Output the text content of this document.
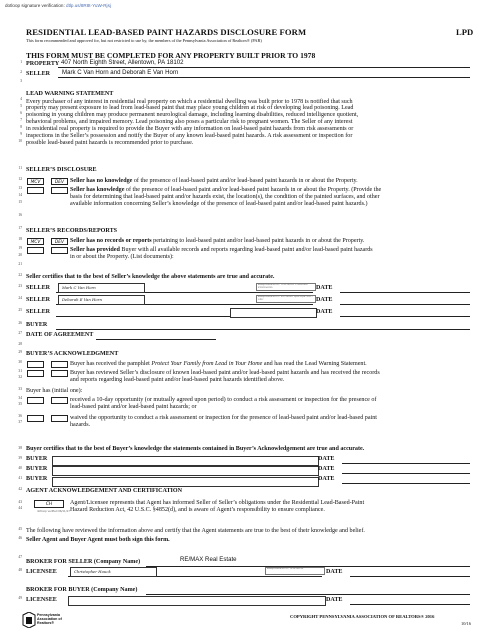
dotloop signature verification: dtlp.us/8R8t-YuW-Rjsj
RESIDENTIAL LEAD-BASED PAINT HAZARDS DISCLOSURE FORM	LPD
This form recommended and approved for, but not restricted to use by, the members of the Pennsylvania Association of Realtors® (PAR)
THIS FORM MUST BE COMPLETED FOR ANY PROPERTY BUILT PRIOR TO 1978
PROPERTY 407 North Eighth Street, Allentown, PA 18102
SELLER Mark C Van Horn and Deborah E Van Horn
1
2
3
4
5
6
7
8
9
10
11
12
13
14
15
16
17
18
19
20
21
22
23
24
25
26
27
28
29
30
31
32
33
34
35
36
37
38
39
40
41
42
43
44
45
46
47
48
49
LEAD WARNING STATEMENT
Every purchaser of any interest in residential real property on which a residential dwelling was built prior to 1978 is notified that such
property may present exposure to lead from lead-based paint that may place young children at risk of developing lead poisoning. Lead
poisoning in young children may produce permanent neurological damage, including learning disabilities, reduced intelligence quotient,
behavioral problems, and impaired memory. Lead poisoning also poses a particular risk to pregnant women. The Seller of any interest
in residential real property is required to provide the Buyer with any information on lead-based paint hazards from risk assessments or
inspections in the Seller’s possession and notify the Buyer of any known lead-based paint hazards. A risk assessment or inspection for
possible lead-based paint hazards is recommended prior to purchase.
SELLER’S DISCLOSURE
MCV	DEV Seller has no knowledge of the presence of lead-based paint and/or lead-based paint hazards in or about the Property.
Seller has knowledge of the presence of lead-based paint and/or lead-based paint hazards in or about the Property. (Provide the
basis for determining that lead-based paint and/or hazards exist, the location(s), the condition of the painted surfaces, and other
available information concerning Seller’s knowledge of the presence of lead-based paint and/or lead-based paint hazards.)
SELLER’S RECORDS/REPORTS
MCV	DEV Seller has no records or reports pertaining to lead-based paint and/or lead-based paint hazards in or about the Property.
Seller has provided Buyer with all available records and reports regarding lead-based paint and/or lead-based paint hazards
in or about the Property. (List documents):
Seller certifies that to the best of Seller’s knowledge the above statements are true and accurate.
SELLER	Mark C Van Horn	dotloop verified 06/10/17 11:26 AM EDT V2NR-EOOL-KYWH-WGHO	DATE
SELLER	Deborah E Van Horn	dotloop verified 06/11/17 8:52 AM EDT Q9ZE-LQOF-1EUC-GJNC	DATE
SELLER	DATE
BUYER
DATE OF AGREEMENT
BUYER’S ACKNOWLEDGMENT
Buyer has received the pamphlet Protect Your Family from Lead in Your Home and has read the Lead Warning Statement.
Buyer has reviewed Seller’s disclosure of known lead-based paint and/or lead-based paint hazards and has received the records
and reports regarding lead-based paint and/or lead-based paint hazards identified above.
Buyer has (initial one):
received a 10-day opportunity (or mutually agreed upon period) to conduct a risk assessment or inspection for the presence of
lead-based paint and/or lead-based paint hazards; or
waived the opportunity to conduct a risk assessment or inspection for the presence of lead-based paint and/or lead-based paint
hazards.
Buyer certifies that to the best of Buyer’s knowledge the statements contained in Buyer’s Acknowledgement are true and accurate.
BUYER	DATE
BUYER	DATE
BUYER	DATE
AGENT ACKNOWLEDGEMENT AND CERTIFICATION
CH
dotloop verified 06/11/17
Agent/Licensee represents that Agent has informed Seller of Seller’s obligations under the Residential Lead-Based-Paint
Hazard Reduction Act, 42 U.S.C. §4852(d), and is aware of Agent’s responsibility to ensure compliance.
The following have reviewed the information above and certify that the Agent statements are true to the best of their knowledge and belief.
Seller Agent and Buyer Agent must both sign this form.
BROKER FOR SELLER (Company Name)	RE/MAX Real Estate
LICENSEE	Christopher Houck	dotloop verified 06/12/17 10:14 AM EDT	DATE
BROKER FOR BUYER (Company Name)
LICENSEE	DATE
Pennsylvania
Association of
Realtors®
COPYRIGHT PENNSYLVANIA ASSOCIATION OF REALTORS® 2016
10/16
